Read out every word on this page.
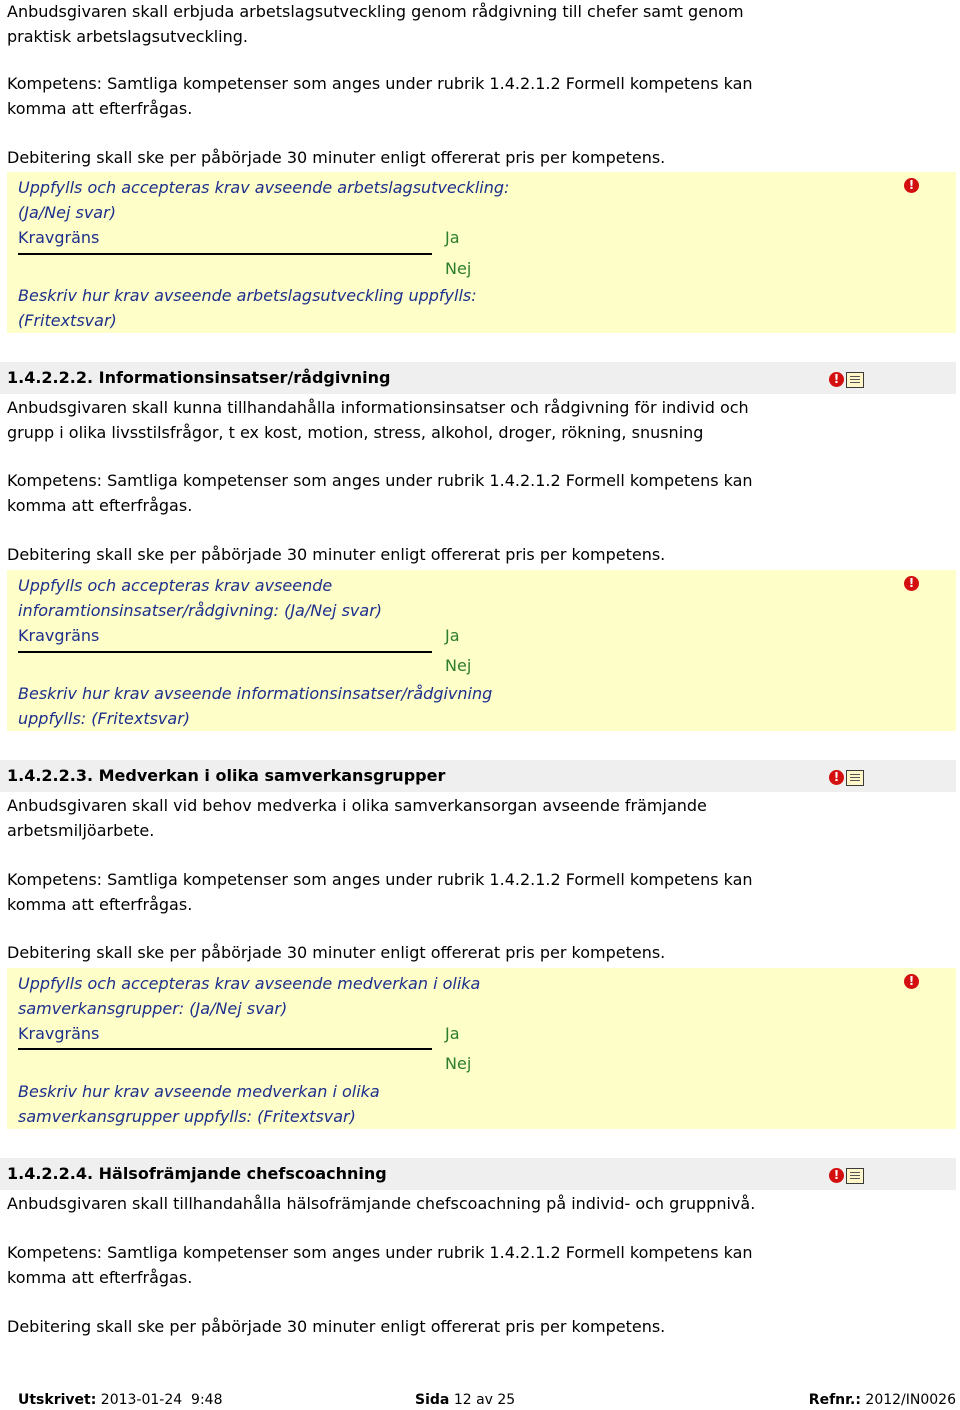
Anbudsgivaren skall erbjuda arbetslagsutveckling genom rådgivning till chefer samt genom praktisk arbetslagsutveckling.

Kompetens: Samtliga kompetenser som anges under rubrik 1.4.2.1.2 Formell kompetens kan komma att efterfrågas.

Debitering skall ske per påbörjade 30 minuter enligt offererat pris per kompetens.

Uppfylls och accepteras krav avseende arbetslagsutveckling: (Ja/Nej svar)
Kravgräns	Ja
Nej
Beskriv hur krav avseende arbetslagsutveckling uppfylls: (Fritextsvar)
!
1.4.2.2.2. Informationsinsatser/rådgivning	!

Anbudsgivaren skall kunna tillhandahålla informationsinsatser och rådgivning för individ och grupp i olika livsstilsfrågor, t ex kost, motion, stress, alkohol, droger, rökning, snusning

Kompetens: Samtliga kompetenser som anges under rubrik 1.4.2.1.2 Formell kompetens kan komma att efterfrågas.

Debitering skall ske per påbörjade 30 minuter enligt offererat pris per kompetens.

Uppfylls och accepteras krav avseende inforamtionsinsatser/rådgivning: (Ja/Nej svar)
Kravgräns	Ja
Nej
Beskriv hur krav avseende informationsinsatser/rådgivning uppfylls: (Fritextsvar)
!
1.4.2.2.3. Medverkan i olika samverkansgrupper	!

Anbudsgivaren skall vid behov medverka i olika samverkansorgan avseende främjande arbetsmiljöarbete.

Kompetens: Samtliga kompetenser som anges under rubrik 1.4.2.1.2 Formell kompetens kan komma att efterfrågas.

Debitering skall ske per påbörjade 30 minuter enligt offererat pris per kompetens.

Uppfylls och accepteras krav avseende medverkan i olika samverkansgrupper: (Ja/Nej svar)
Kravgräns	Ja
Nej
Beskriv hur krav avseende medverkan i olika samverkansgrupper uppfylls: (Fritextsvar)
!
1.4.2.2.4. Hälsofrämjande chefscoachning	!

Anbudsgivaren skall tillhandahålla hälsofrämjande chefscoachning på individ- och gruppnivå.

Kompetens: Samtliga kompetenser som anges under rubrik 1.4.2.1.2 Formell kompetens kan komma att efterfrågas.

Debitering skall ske per påbörjade 30 minuter enligt offererat pris per kompetens.

Utskrivet: 2013-01-24  9:48	Sida 12 av 25	Refnr.: 2012/IN0026
